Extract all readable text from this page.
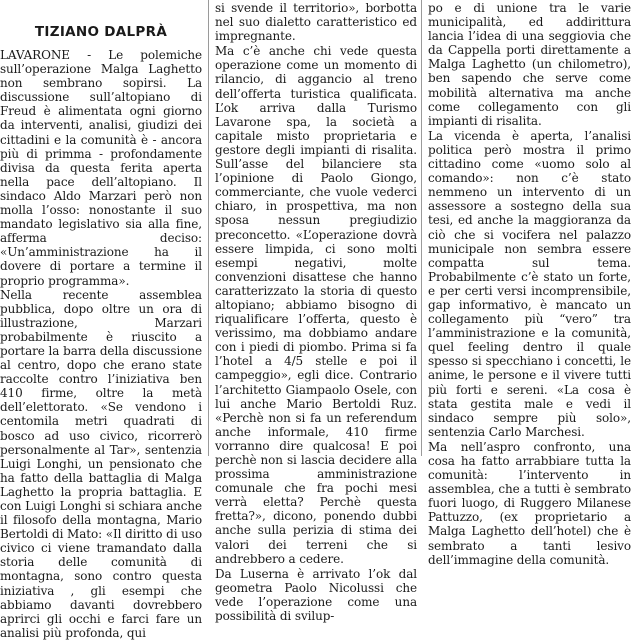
TIZIANO DALPRÀ

LAVARONE - Le polemiche sull’operazione Malga Laghetto non sembrano sopirsi. La discussione sull’altopiano di Freud è alimentata ogni giorno da interventi, analisi, giudizi dei cittadini e la comunità è - ancora più di primma - profondamente divisa da questa ferita aperta nella pace dell’altopiano. Il sindaco Aldo Marzari però non molla l’osso: nonostante il suo mandato legislativo sia alla fine, afferma deciso: «Un’amministrazione ha il dovere di portare a termine il proprio programma».

Nella recente assemblea pubblica, dopo oltre un ora di illustrazione, Marzari probabilmente è riuscito a portare la barra della discussione al centro, dopo che erano state raccolte contro l’iniziativa ben 410 firme, oltre la metà dell’elettorato. «Se vendono i centomila metri quadrati di bosco ad uso civico, ricorrerò personalmente al Tar», sentenzia Luigi Longhi, un pensionato che ha fatto della battaglia di Malga Laghetto la propria battaglia. E con Luigi Longhi si schiara anche il filosofo della montagna, Mario Bertoldi di Mato: «Il diritto di uso civico ci viene tramandato dalla storia delle comunità di montagna, sono contro questa iniziativa , gli esempi che abbiamo davanti dovrebbero aprirci gli occhi e farci fare un analisi più profonda, qui

si svende il territorio», borbotta nel suo dialetto caratteristico ed impregnante.

Ma c’è anche chi vede questa operazione come un momento di rilancio, di aggancio al treno dell’offerta turistica qualificata. L’ok arriva dalla Turismo Lavarone spa, la società a capitale misto proprietaria e gestore degli impianti di risalita. Sull’asse del bilanciere sta l’opinione di Paolo Giongo, commerciante, che vuole vederci chiaro, in prospettiva, ma non sposa nessun pregiudizio preconcetto. «L’operazione dovrà essere limpida, ci sono molti esempi negativi, molte convenzioni disattese che hanno caratterizzato la storia di questo altopiano; abbiamo bisogno di riqualificare l’offerta, questo è verissimo, ma dobbiamo andare con i piedi di piombo. Prima si fa l’hotel a 4/5 stelle e poi il campeggio», egli dice. Contrario l’architetto Giampaolo Osele, con lui anche Mario Bertoldi Ruz. «Perchè non si fa un referendum anche informale, 410 firme vorranno dire qualcosa! E poi perchè non si lascia decidere alla prossima amministrazione comunale che fra pochi mesi verrà eletta? Perchè questa fretta?», dicono, ponendo dubbi anche sulla perizia di stima dei valori dei terreni che si andrebbero a cedere.

Da Luserna è arrivato l’ok dal geometra Paolo Nicolussi che vede l’operazione come una possibilità di svilup-

po e di unione tra le varie municipalità, ed addirittura lancia l’idea di una seggiovia che da Cappella porti direttamente a Malga Laghetto (un chilometro), ben sapendo che serve come mobilità alternativa ma anche come collegamento con gli impianti di risalita.

La vicenda è aperta, l’analisi politica però mostra il primo cittadino come «uomo solo al comando»: non c’è stato nemmeno un intervento di un assessore a sostegno della sua tesi, ed anche la maggioranza da ciò che si vocifera nel palazzo municipale non sembra essere compatta sul tema. Probabilmente c’è stato un forte, e per certi versi incomprensibile, gap informativo, è mancato un collegamento più “vero” tra l’amministrazione e la comunità, quel feeling dentro il quale spesso si specchiano i concetti, le anime, le persone e il vivere tutti più forti e sereni. «La cosa è stata gestita male e vedi il sindaco sempre più solo», sentenzia Carlo Marchesi.

Ma nell’aspro confronto, una cosa ha fatto arrabbiare tutta la comunità: l’intervento in assemblea, che a tutti è sembrato fuori luogo, di Ruggero Milanese Pattuzzo, (ex proprietario a Malga Laghetto dell’hotel) che è sembrato a tanti lesivo dell’immagine della comunità.
